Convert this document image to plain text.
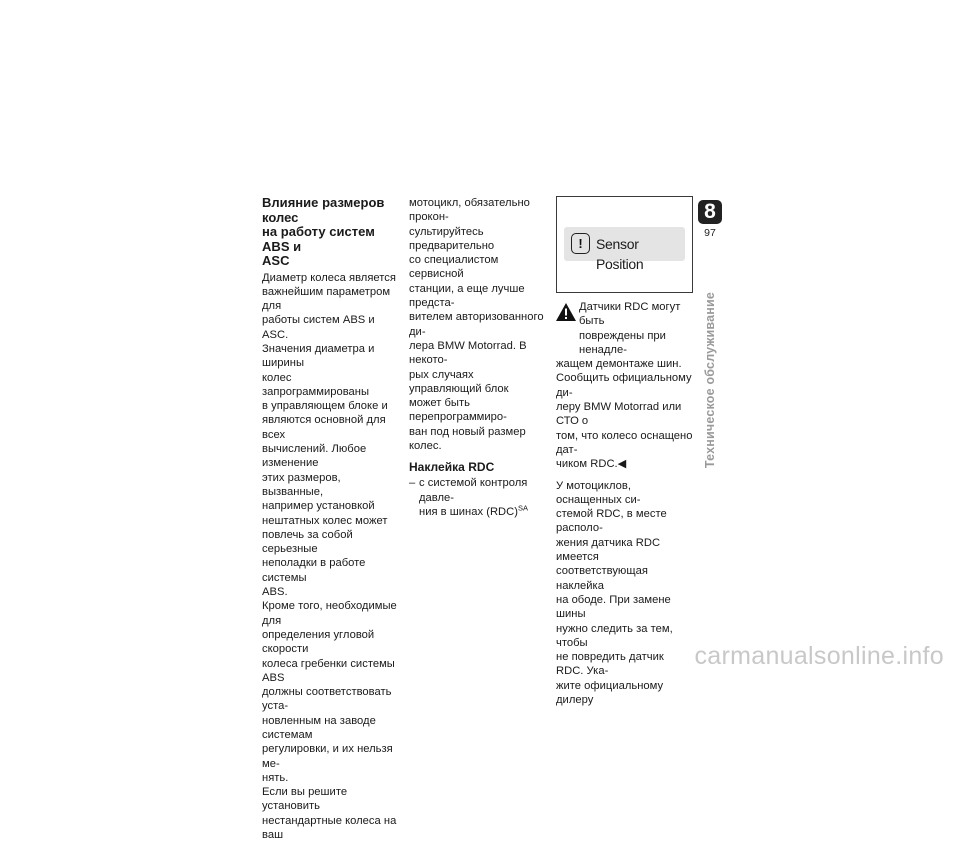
Влияние размеров колес
на работу систем ABS и
ASC

Диаметр колеса является
важнейшим параметром для
работы систем ABS и ASC.
Значения диаметра и ширины
колес запрограммированы
в управляющем блоке и
являются основной для всех
вычислений. Любое изменение
этих размеров, вызванные,
например установкой
нештатных колес может
повлечь за собой серьезные
неполадки в работе системы
ABS.

Кроме того, необходимые для
определения угловой скорости
колеса гребенки системы ABS
должны соответствовать уста-
новленным на заводе системам
регулировки, и их нельзя ме-
нять.

Если вы решите установить
нестандартные колеса на ваш

мотоцикл, обязательно прокон-
сультируйтесь предварительно
со специалистом сервисной
станции, а еще лучше предста-
вителем авторизованного ди-
лера BMW Motorrad. В некото-
рых случаях управляющий блок
может быть перепрограммиро-
ван под новый размер колес.

Наклейка RDC
– с системой контроля давле-
ния в шинах (RDC)$^{SA}$
! Sensor Position
Датчики RDC могут быть
повреждены при ненадле-

жащем демонтаже шин.
Сообщить официальному ди-
леру BMW Motorrad или СТО о
том, что колесо оснащено дат-
чиком RDC.◀

У мотоциклов, оснащенных си-
стемой RDC, в месте располо-
жения датчика RDC имеется
соответствующая наклейка
на ободе. При замене шины
нужно следить за тем, чтобы
не повредить датчик RDC. Ука-
жите официальному дилеру

8
97
Техническое обслуживание
carmanualsonline.info
